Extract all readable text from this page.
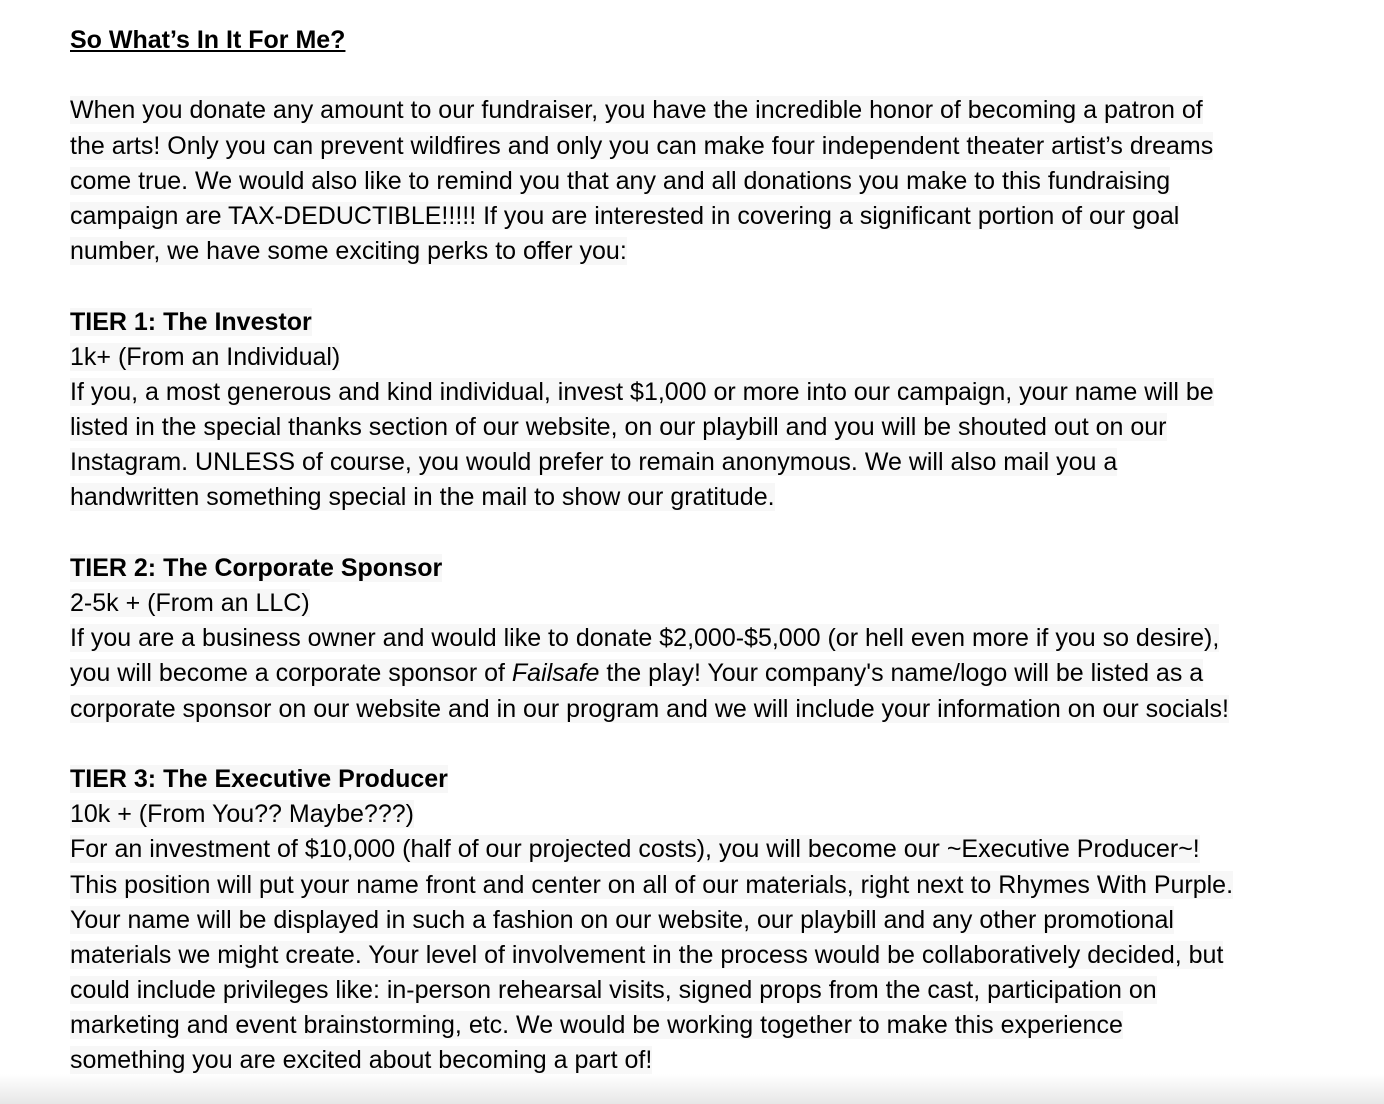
So What’s In It For Me?
When you donate any amount to our fundraiser, you have the incredible honor of becoming a patron of
the arts! Only you can prevent wildfires and only you can make four independent theater artist’s dreams
come true. We would also like to remind you that any and all donations you make to this fundraising
campaign are TAX-DEDUCTIBLE!!!!! If you are interested in covering a significant portion of our goal
number, we have some exciting perks to offer you:
TIER 1: The Investor
1k+ (From an Individual)
If you, a most generous and kind individual, invest $1,000 or more into our campaign, your name will be
listed in the special thanks section of our website, on our playbill and you will be shouted out on our
Instagram. UNLESS of course, you would prefer to remain anonymous. We will also mail you a
handwritten something special in the mail to show our gratitude.
TIER 2: The Corporate Sponsor
2-5k + (From an LLC)
If you are a business owner and would like to donate $2,000-$5,000 (or hell even more if you so desire),
you will become a corporate sponsor of Failsafe the play! Your company's name/logo will be listed as a
corporate sponsor on our website and in our program and we will include your information on our socials!
TIER 3: The Executive Producer
10k + (From You?? Maybe???)
For an investment of $10,000 (half of our projected costs), you will become our ~Executive Producer~!
This position will put your name front and center on all of our materials, right next to Rhymes With Purple.
Your name will be displayed in such a fashion on our website, our playbill and any other promotional
materials we might create. Your level of involvement in the process would be collaboratively decided, but
could include privileges like: in-person rehearsal visits, signed props from the cast, participation on
marketing and event brainstorming, etc. We would be working together to make this experience
something you are excited about becoming a part of!
